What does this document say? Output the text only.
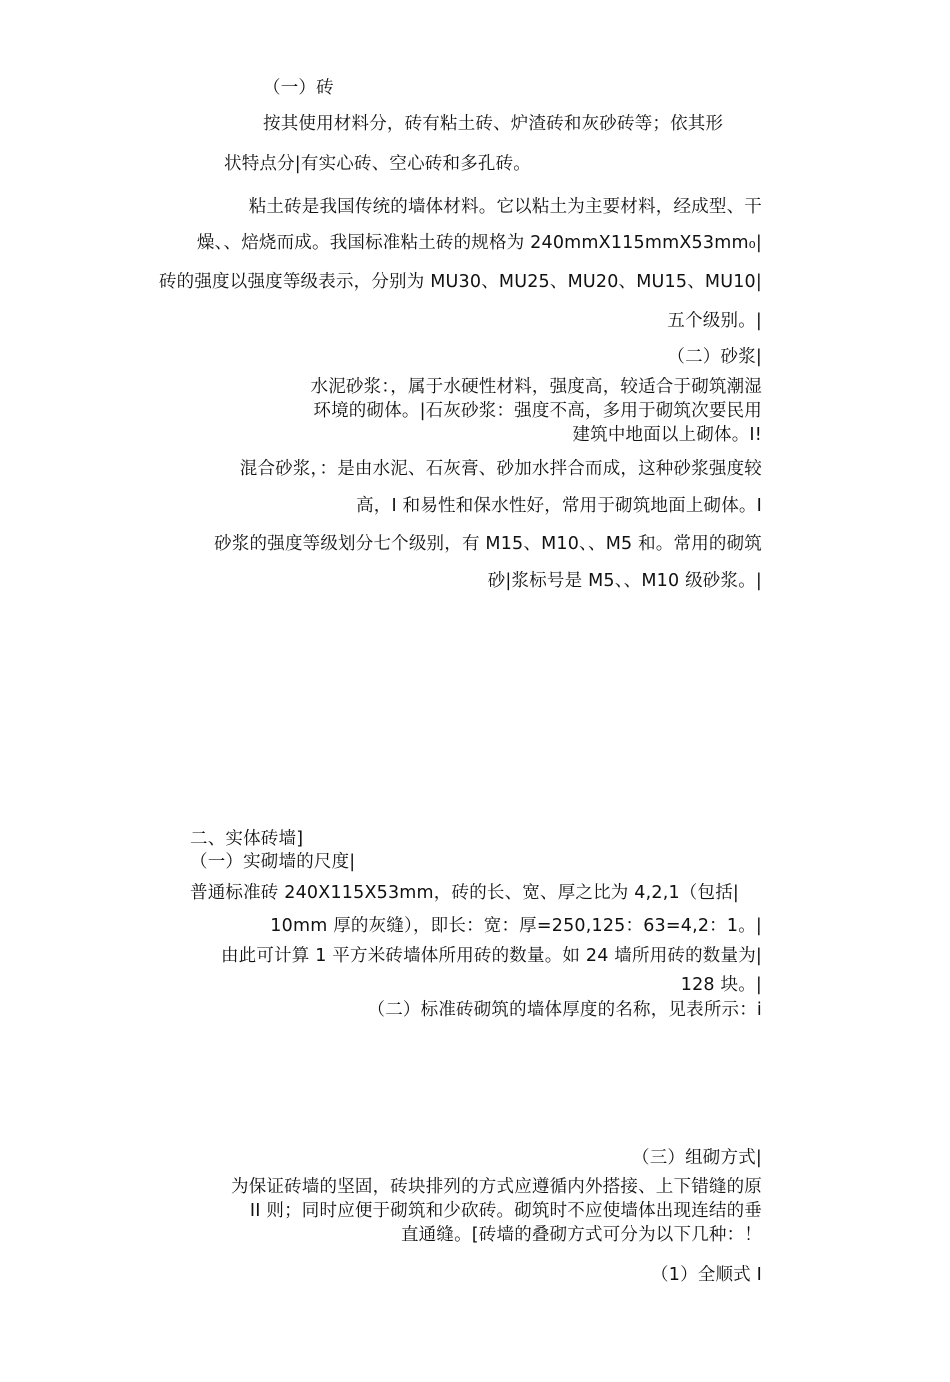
（一）砖
按其使用材料分，砖有粘土砖、炉渣砖和灰砂砖等；依其形
状特点分|有实心砖、空心砖和多孔砖。
粘土砖是我国传统的墙体材料。它以粘土为主要材料，经成型、干
燥、、焙烧而成。我国标准粘土砖的规格为 240mmX115mmX53mm₀|
砖的强度以强度等级表示，分别为 MU30、MU25、MU20、MU15、MU10|
五个级别。|
（二）砂浆|
水泥砂浆：，属于水硬性材料，强度高，较适合于砌筑潮湿
环境的砌体。|石灰砂浆：强度不高，多用于砌筑次要民用
建筑中地面以上砌体。I!
混合砂浆，：是由水泥、石灰膏、砂加水拌合而成，这种砂浆强度较
高，I 和易性和保水性好，常用于砌筑地面上砌体。I
砂浆的强度等级划分七个级别，有 M15、M10、、M5 和。常用的砌筑
砂|浆标号是 M5、、M10 级砂浆。|
二、实体砖墙]
（一）实砌墙的尺度|
普通标准砖 240X115X53mm，砖的长、宽、厚之比为 4,2,1（包括|
10mm 厚的灰缝），即长：宽：厚=250,125：63=4,2：1。|
由此可计算 1 平方米砖墙体所用砖的数量。如 24 墙所用砖的数量为|
128 块。|
（二）标准砖砌筑的墙体厚度的名称，见表所示：i
（三）组砌方式|
为保证砖墙的坚固，砖块排列的方式应遵循内外搭接、上下错缝的原
II 则；同时应便于砌筑和少砍砖。砌筑时不应使墙体出现连结的垂
直通缝。[砖墙的叠砌方式可分为以下几种：！
（1）全顺式 I
